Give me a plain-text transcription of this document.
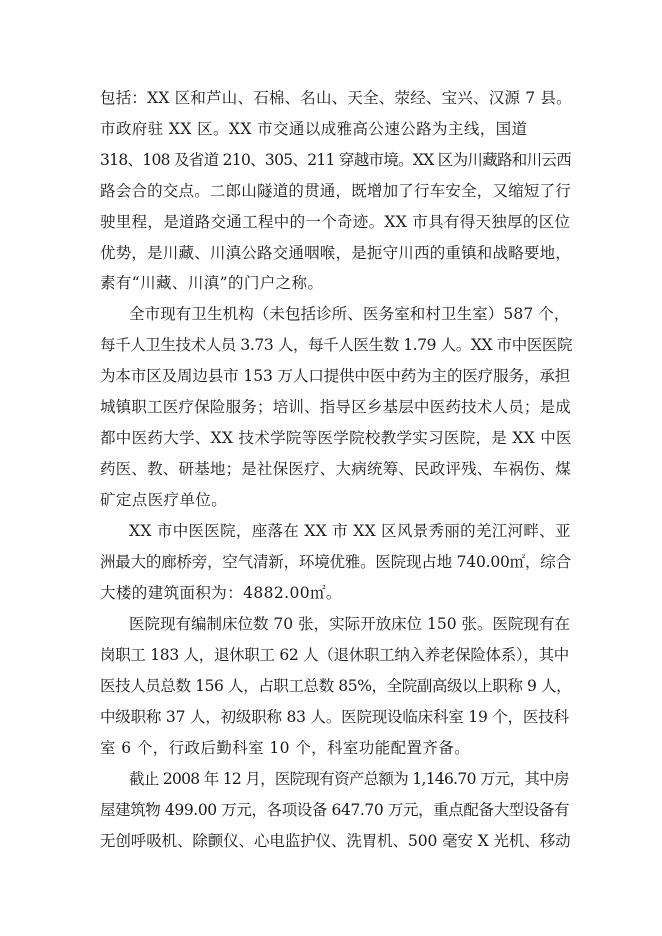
包括：XX 区和芦山、石棉、名山、天全、荥经、宝兴、汉源 7 县。
市政府驻 XX 区。XX 市交通以成雅高公速公路为主线，国道
318、108 及省道 210、305、211 穿越市境。XX 区为川藏路和川云西
路会合的交点。二郎山隧道的贯通，既增加了行车安全，又缩短了行
驶里程，是道路交通工程中的一个奇迹。XX 市具有得天独厚的区位
优势，是川藏、川滇公路交通咽喉，是扼守川西的重镇和战略要地，
素有“川藏、川滇”的门户之称。
全市现有卫生机构（未包括诊所、医务室和村卫生室）587 个，
每千人卫生技术人员 3.73 人，每千人医生数 1.79 人。XX 市中医医院
为本市区及周边县市 153 万人口提供中医中药为主的医疗服务，承担
城镇职工医疗保险服务；培训、指导区乡基层中医药技术人员；是成
都中医药大学、XX 技术学院等医学院校教学实习医院，是 XX 中医
药医、教、研基地；是社保医疗、大病统筹、民政评残、车祸伤、煤
矿定点医疗单位。
XX 市中医医院，座落在 XX 市 XX 区风景秀丽的羌江河畔、亚
洲最大的廊桥旁，空气清新，环境优雅。医院现占地 740.00㎡，综合
大楼的建筑面积为：4882.00㎡。
医院现有编制床位数 70 张，实际开放床位 150 张。医院现有在
岗职工 183 人，退休职工 62 人（退休职工纳入养老保险体系），其中
医技人员总数 156 人，占职工总数 85%，全院副高级以上职称 9 人，
中级职称 37 人，初级职称 83 人。医院现设临床科室 19 个，医技科
室 6 个，行政后勤科室 10 个，科室功能配置齐备。
截止 2008 年 12 月，医院现有资产总额为 1,146.70 万元，其中房
屋建筑物 499.00 万元，各项设备 647.70 万元，重点配备大型设备有
无创呼吸机、除颤仪、心电监护仪、洗胃机、500 毫安 X 光机、移动
